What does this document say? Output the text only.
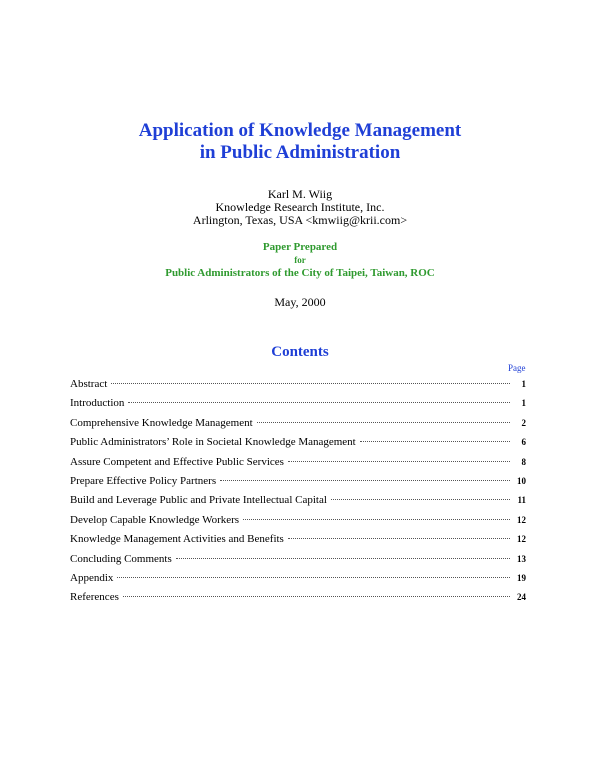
Application of Knowledge Management
in Public Administration
Karl M. Wiig
Knowledge Research Institute, Inc.
Arlington, Texas, USA <kmwiig@krii.com>
Paper Prepared
for
Public Administrators of the City of Taipei, Taiwan, ROC
May, 2000
Contents
Page
Abstract	1
Introduction	1
Comprehensive Knowledge Management	2
Public Administrators’ Role in Societal Knowledge Management	6
Assure Competent and Effective Public Services	8
Prepare Effective Policy Partners	10
Build and Leverage Public and Private Intellectual Capital	11
Develop Capable Knowledge Workers	12
Knowledge Management Activities and Benefits	12
Concluding Comments	13
Appendix	19
References	24
